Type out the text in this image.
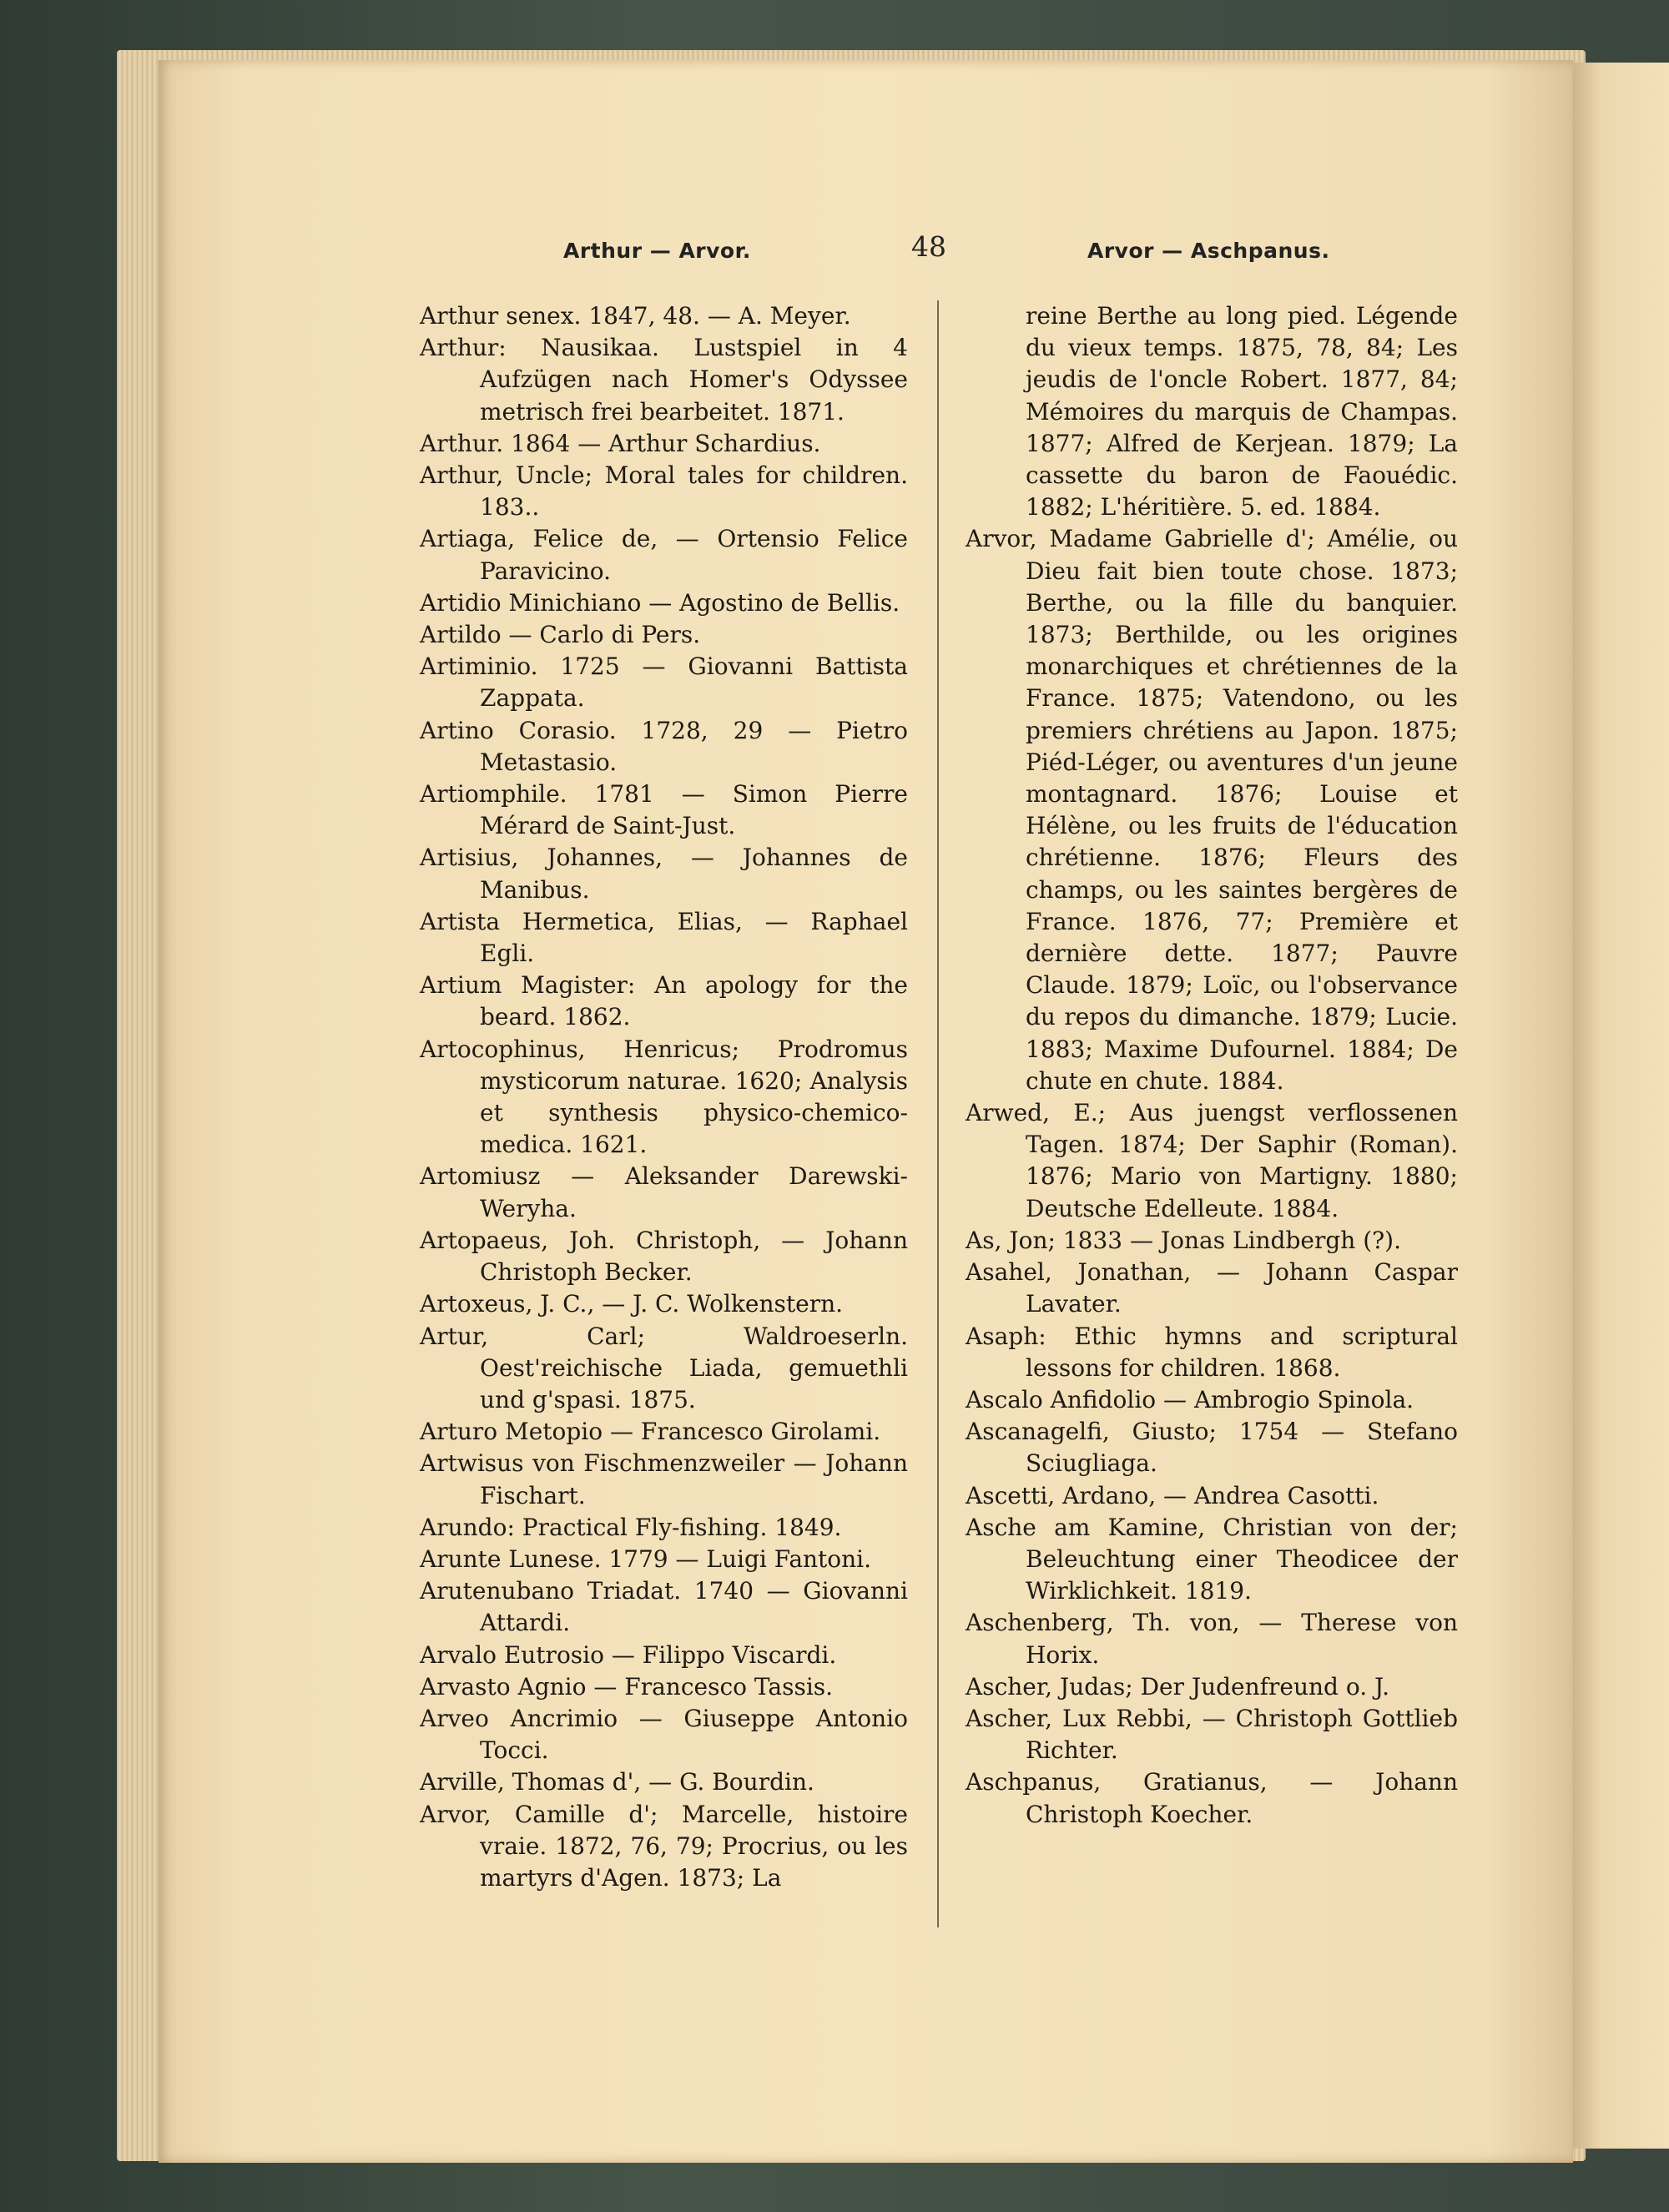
Arthur — Arvor.	48	Arvor — Aschpanus.

Arthur senex. 1847, 48. — A. Meyer.

Arthur: Nausikaa. Lustspiel in 4 Aufzügen nach Homer's Odyssee metrisch frei bearbeitet. 1871.

Arthur. 1864 — Arthur Schardius.

Arthur, Uncle; Moral tales for children. 183..

Artiaga, Felice de, — Ortensio Felice Paravicino.

Artidio Minichiano — Agostino de Bellis.

Artildo — Carlo di Pers.

Artiminio. 1725 — Giovanni Battista Zappata.

Artino Corasio. 1728, 29 — Pietro Metastasio.

Artiomphile. 1781 — Simon Pierre Mérard de Saint-Just.

Artisius, Johannes, — Johannes de Manibus.

Artista Hermetica, Elias, — Raphael Egli.

Artium Magister: An apology for the beard. 1862.

Artocophinus, Henricus; Prodromus mysticorum naturae. 1620; Analysis et synthesis physico-chemico-medica. 1621.

Artomiusz — Aleksander Darewski-Weryha.

Artopaeus, Joh. Christoph, — Johann Christoph Becker.

Artoxeus, J. C., — J. C. Wolkenstern.

Artur, Carl; Waldroeserln. Oest'reichische Liada, gemuethli und g'spasi. 1875.

Arturo Metopio — Francesco Girolami.

Artwisus von Fischmenzweiler — Johann Fischart.

Arundo: Practical Fly-fishing. 1849.

Arunte Lunese. 1779 — Luigi Fantoni.

Arutenubano Triadat. 1740 — Giovanni Attardi.

Arvalo Eutrosio — Filippo Viscardi.

Arvasto Agnio — Francesco Tassis.

Arveo Ancrimio — Giuseppe Antonio Tocci.

Arville, Thomas d', — G. Bourdin.

Arvor, Camille d'; Marcelle, histoire vraie. 1872, 76, 79; Procrius, ou les martyrs d'Agen. 1873; La

reine Berthe au long pied. Légende du vieux temps. 1875, 78, 84; Les jeudis de l'oncle Robert. 1877, 84; Mémoires du marquis de Champas. 1877; Alfred de Kerjean. 1879; La cassette du baron de Faouédic. 1882; L'héritière. 5. ed. 1884.

Arvor, Madame Gabrielle d'; Amélie, ou Dieu fait bien toute chose. 1873; Berthe, ou la fille du banquier. 1873; Berthilde, ou les origines monarchiques et chrétiennes de la France. 1875; Vatendono, ou les premiers chrétiens au Japon. 1875; Piéd-Léger, ou aventures d'un jeune montagnard. 1876; Louise et Hélène, ou les fruits de l'éducation chrétienne. 1876; Fleurs des champs, ou les saintes bergères de France. 1876, 77; Première et dernière dette. 1877; Pauvre Claude. 1879; Loïc, ou l'observance du repos du dimanche. 1879; Lucie. 1883; Maxime Dufournel. 1884; De chute en chute. 1884.

Arwed, E.; Aus juengst verflossenen Tagen. 1874; Der Saphir (Roman). 1876; Mario von Martigny. 1880; Deutsche Edelleute. 1884.

As, Jon; 1833 — Jonas Lindbergh (?).

Asahel, Jonathan, — Johann Caspar Lavater.

Asaph: Ethic hymns and scriptural lessons for children. 1868.

Ascalo Anfidolio — Ambrogio Spinola.

Ascanagelfi, Giusto; 1754 — Stefano Sciugliaga.

Ascetti, Ardano, — Andrea Casotti.

Asche am Kamine, Christian von der; Beleuchtung einer Theodicee der Wirklichkeit. 1819.

Aschenberg, Th. von, — Therese von Horix.

Ascher, Judas; Der Judenfreund o. J.

Ascher, Lux Rebbi, — Christoph Gottlieb Richter.

Aschpanus, Gratianus, — Johann Christoph Koecher.
